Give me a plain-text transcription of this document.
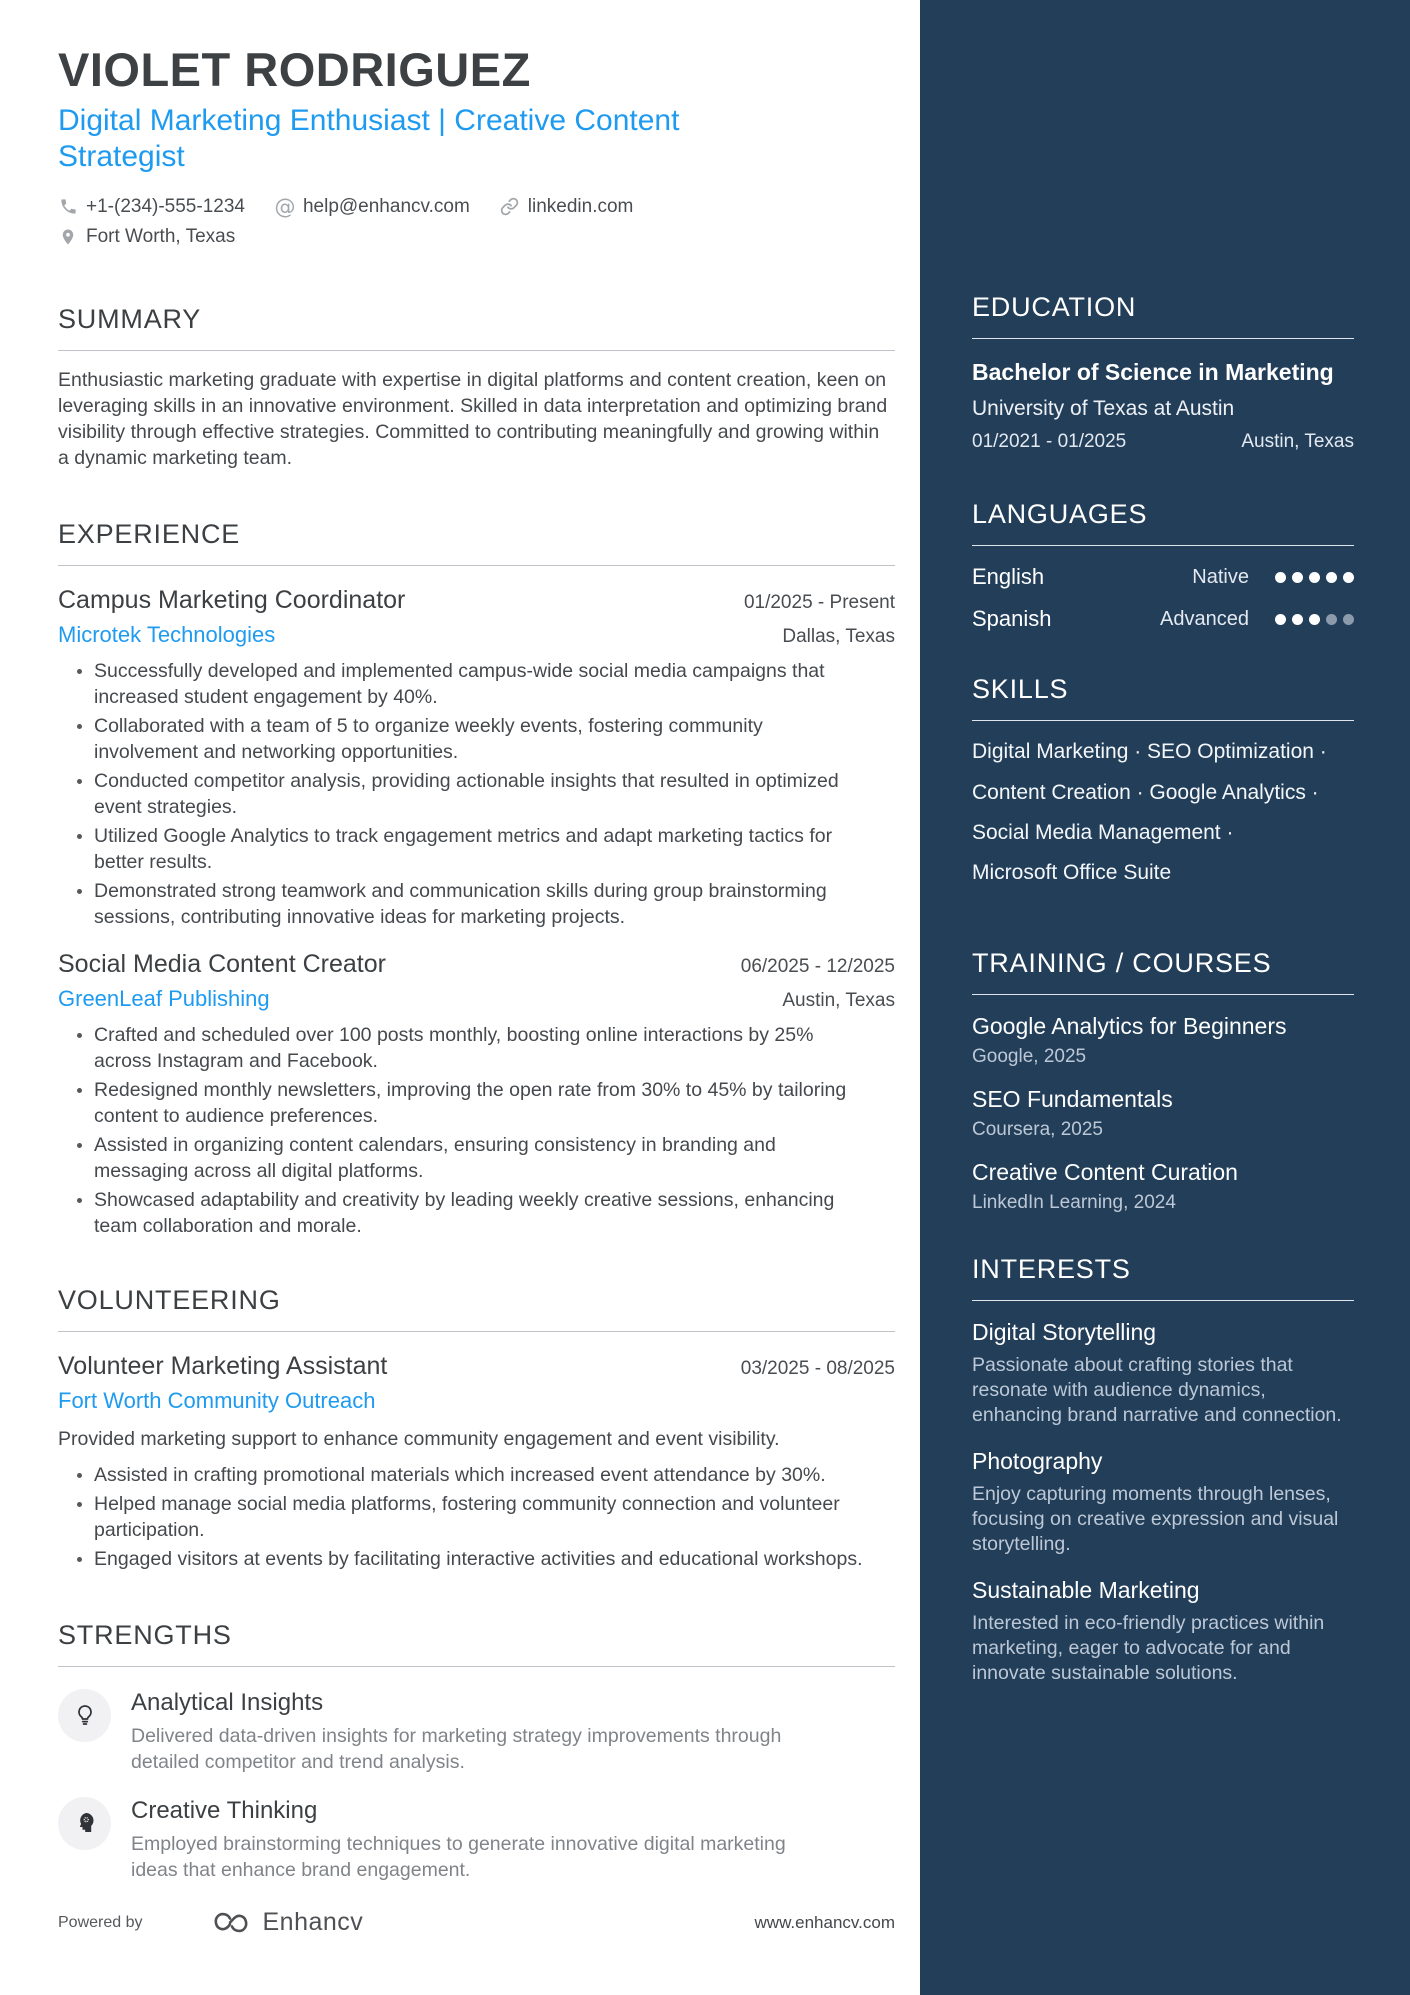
VIOLET RODRIGUEZ
Digital Marketing Enthusiast | Creative Content Strategist
+1-(234)-555-1234 @ help@enhancv.com	linkedin.com
Fort Worth, Texas
SUMMARY

Enthusiastic marketing graduate with expertise in digital platforms and content creation, keen on leveraging skills in an innovative environment. Skilled in data interpretation and optimizing brand visibility through effective strategies. Committed to contributing meaningfully and growing within a dynamic marketing team.

EXPERIENCE
Campus Marketing Coordinator	01/2025 - Present
Microtek Technologies	Dallas, Texas
• Successfully developed and implemented campus-wide social media campaigns that increased student engagement by 40%.
• Collaborated with a team of 5 to organize weekly events, fostering community involvement and networking opportunities.
• Conducted competitor analysis, providing actionable insights that resulted in optimized event strategies.
• Utilized Google Analytics to track engagement metrics and adapt marketing tactics for better results.
• Demonstrated strong teamwork and communication skills during group brainstorming sessions, contributing innovative ideas for marketing projects.
Social Media Content Creator	06/2025 - 12/2025
GreenLeaf Publishing	Austin, Texas
• Crafted and scheduled over 100 posts monthly, boosting online interactions by 25% across Instagram and Facebook.
• Redesigned monthly newsletters, improving the open rate from 30% to 45% by tailoring content to audience preferences.
• Assisted in organizing content calendars, ensuring consistency in branding and messaging across all digital platforms.
• Showcased adaptability and creativity by leading weekly creative sessions, enhancing team collaboration and morale.
VOLUNTEERING
Volunteer Marketing Assistant	03/2025 - 08/2025
Fort Worth Community Outreach

Provided marketing support to enhance community engagement and event visibility.

• Assisted in crafting promotional materials which increased event attendance by 30%.
• Helped manage social media platforms, fostering community connection and volunteer participation.
• Engaged visitors at events by facilitating interactive activities and educational workshops.
STRENGTHS
Analytical Insights
Delivered data-driven insights for marketing strategy improvements through detailed competitor and trend analysis.
Creative Thinking
Employed brainstorming techniques to generate innovative digital marketing ideas that enhance brand engagement.
Powered by	Enhancv	www.enhancv.com
EDUCATION
Bachelor of Science in Marketing
University of Texas at Austin
01/2021 - 01/2025	Austin, Texas
LANGUAGES
English	Native
Spanish	Advanced
SKILLS
Digital Marketing · SEO Optimization ·
Content Creation · Google Analytics ·
Social Media Management ·
Microsoft Office Suite
TRAINING / COURSES
Google Analytics for Beginners
Google, 2025
SEO Fundamentals
Coursera, 2025
Creative Content Curation
LinkedIn Learning, 2024
INTERESTS
Digital Storytelling
Passionate about crafting stories that resonate with audience dynamics, enhancing brand narrative and connection.
Photography
Enjoy capturing moments through lenses, focusing on creative expression and visual storytelling.
Sustainable Marketing
Interested in eco-friendly practices within marketing, eager to advocate for and innovate sustainable solutions.
